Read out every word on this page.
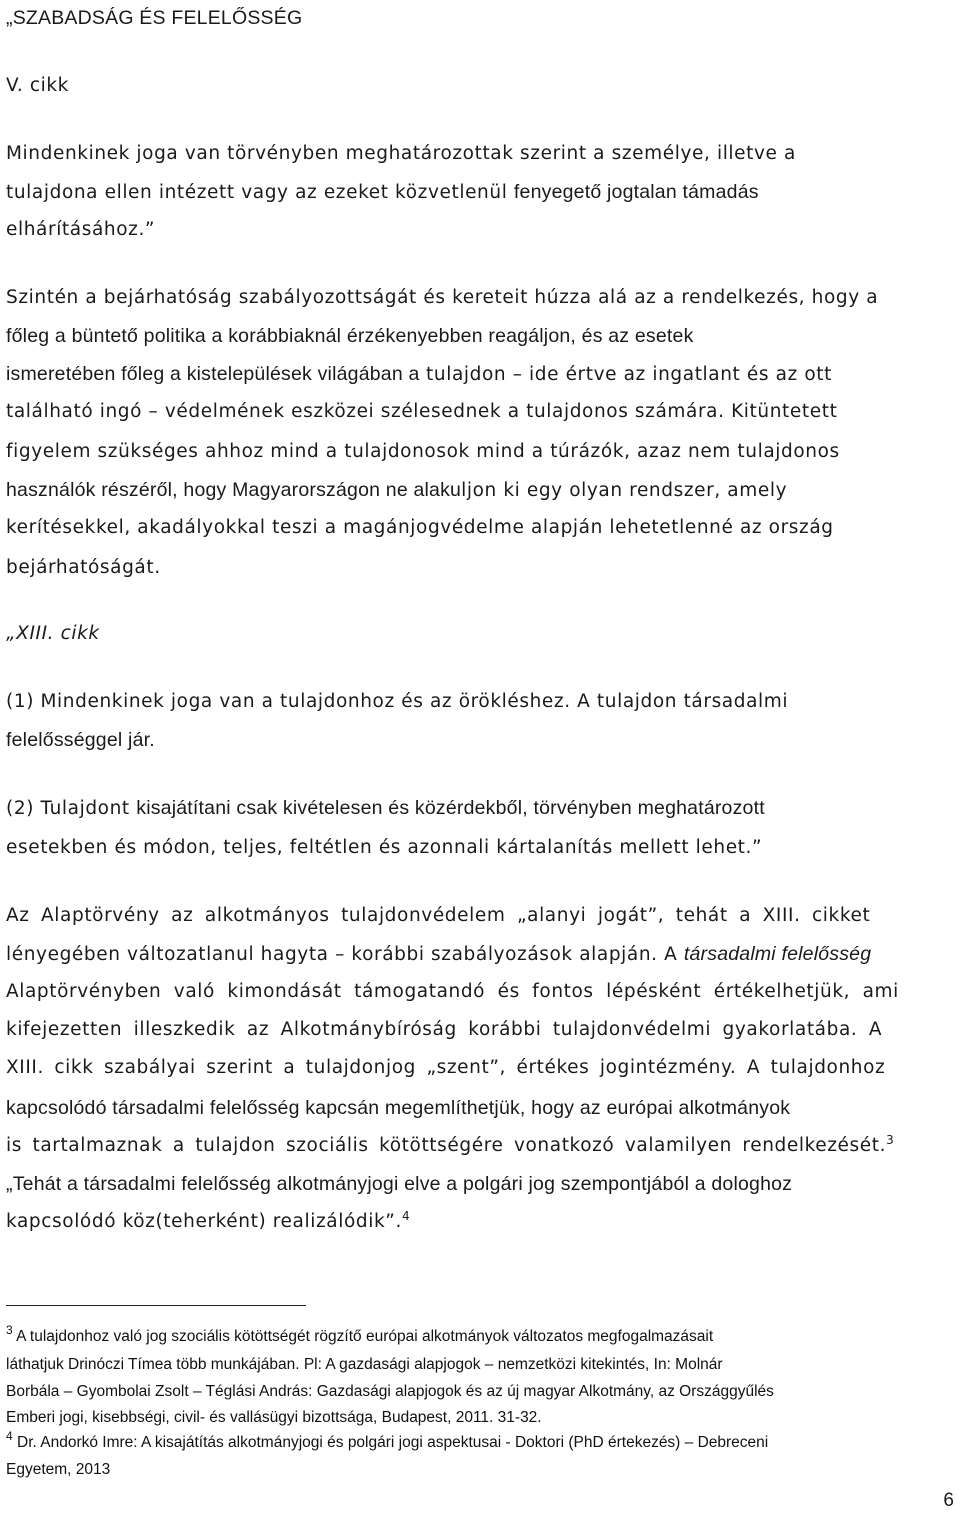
„SZABADSÁG ÉS FELELŐSSÉG
V. cikk
Mindenkinek joga van törvényben meghatározottak szerint a személye, illetve a
tulajdona ellen intézett vagy az ezeket közvetlenül fenyegető jogtalan támadás
elhárításához.”
Szintén a bejárhatóság szabályozottságát és kereteit húzza alá az a rendelkezés, hogy a
főleg a büntető politika a korábbiaknál érzékenyebben reagáljon, és az esetek
ismeretében főleg a kistelepülések világában a tulajdon – ide értve az ingatlant és az ott
található ingó – védelmének eszközei szélesednek a tulajdonos számára. Kitüntetett
figyelem szükséges ahhoz mind a tulajdonosok mind a túrázók, azaz nem tulajdonos
használók részéről, hogy Magyarországon ne alakuljon ki egy olyan rendszer, amely
kerítésekkel, akadályokkal teszi a magánjogvédelme alapján lehetetlenné az ország
bejárhatóságát.
„XIII. cikk
(1) Mindenkinek joga van a tulajdonhoz és az örökléshez. A tulajdon társadalmi
felelősséggel jár.
(2) Tulajdont kisajátítani csak kivételesen és közérdekből, törvényben meghatározott
esetekben és módon, teljes, feltétlen és azonnali kártalanítás mellett lehet.”
Az Alaptörvény az alkotmányos tulajdonvédelem „alanyi jogát”, tehát a XIII. cikket
lényegében változatlanul hagyta – korábbi szabályozások alapján. A társadalmi felelősség
Alaptörvényben való kimondását támogatandó és fontos lépésként értékelhetjük, ami
kifejezetten illeszkedik az Alkotmánybíróság korábbi tulajdonvédelmi gyakorlatába. A
XIII. cikk szabályai szerint a tulajdonjog „szent”, értékes jogintézmény. A tulajdonhoz
kapcsolódó társadalmi felelősség kapcsán megemlíthetjük, hogy az európai alkotmányok
is tartalmaznak a tulajdon szociális kötöttségére vonatkozó valamilyen rendelkezését.$^3$
„Tehát a társadalmi felelősség alkotmányjogi elve a polgári jog szempontjából a dologhoz
kapcsolódó köz(teherként) realizálódik”.$^4$
$^3$ A tulajdonhoz való jog szociális kötöttségét rögzítő európai alkotmányok változatos megfogalmazásait
láthatjuk Drinóczi Tímea több munkájában. Pl: A gazdasági alapjogok – nemzetközi kitekintés, In: Molnár
Borbála – Gyombolai Zsolt – Téglási András: Gazdasági alapjogok és az új magyar Alkotmány, az Országgyűlés
Emberi jogi, kisebbségi, civil- és vallásügyi bizottsága, Budapest, 2011. 31-32.
$^4$ Dr. Andorkó Imre: A kisajátítás alkotmányjogi és polgári jogi aspektusai - Doktori (PhD értekezés) – Debreceni
Egyetem, 2013
6
